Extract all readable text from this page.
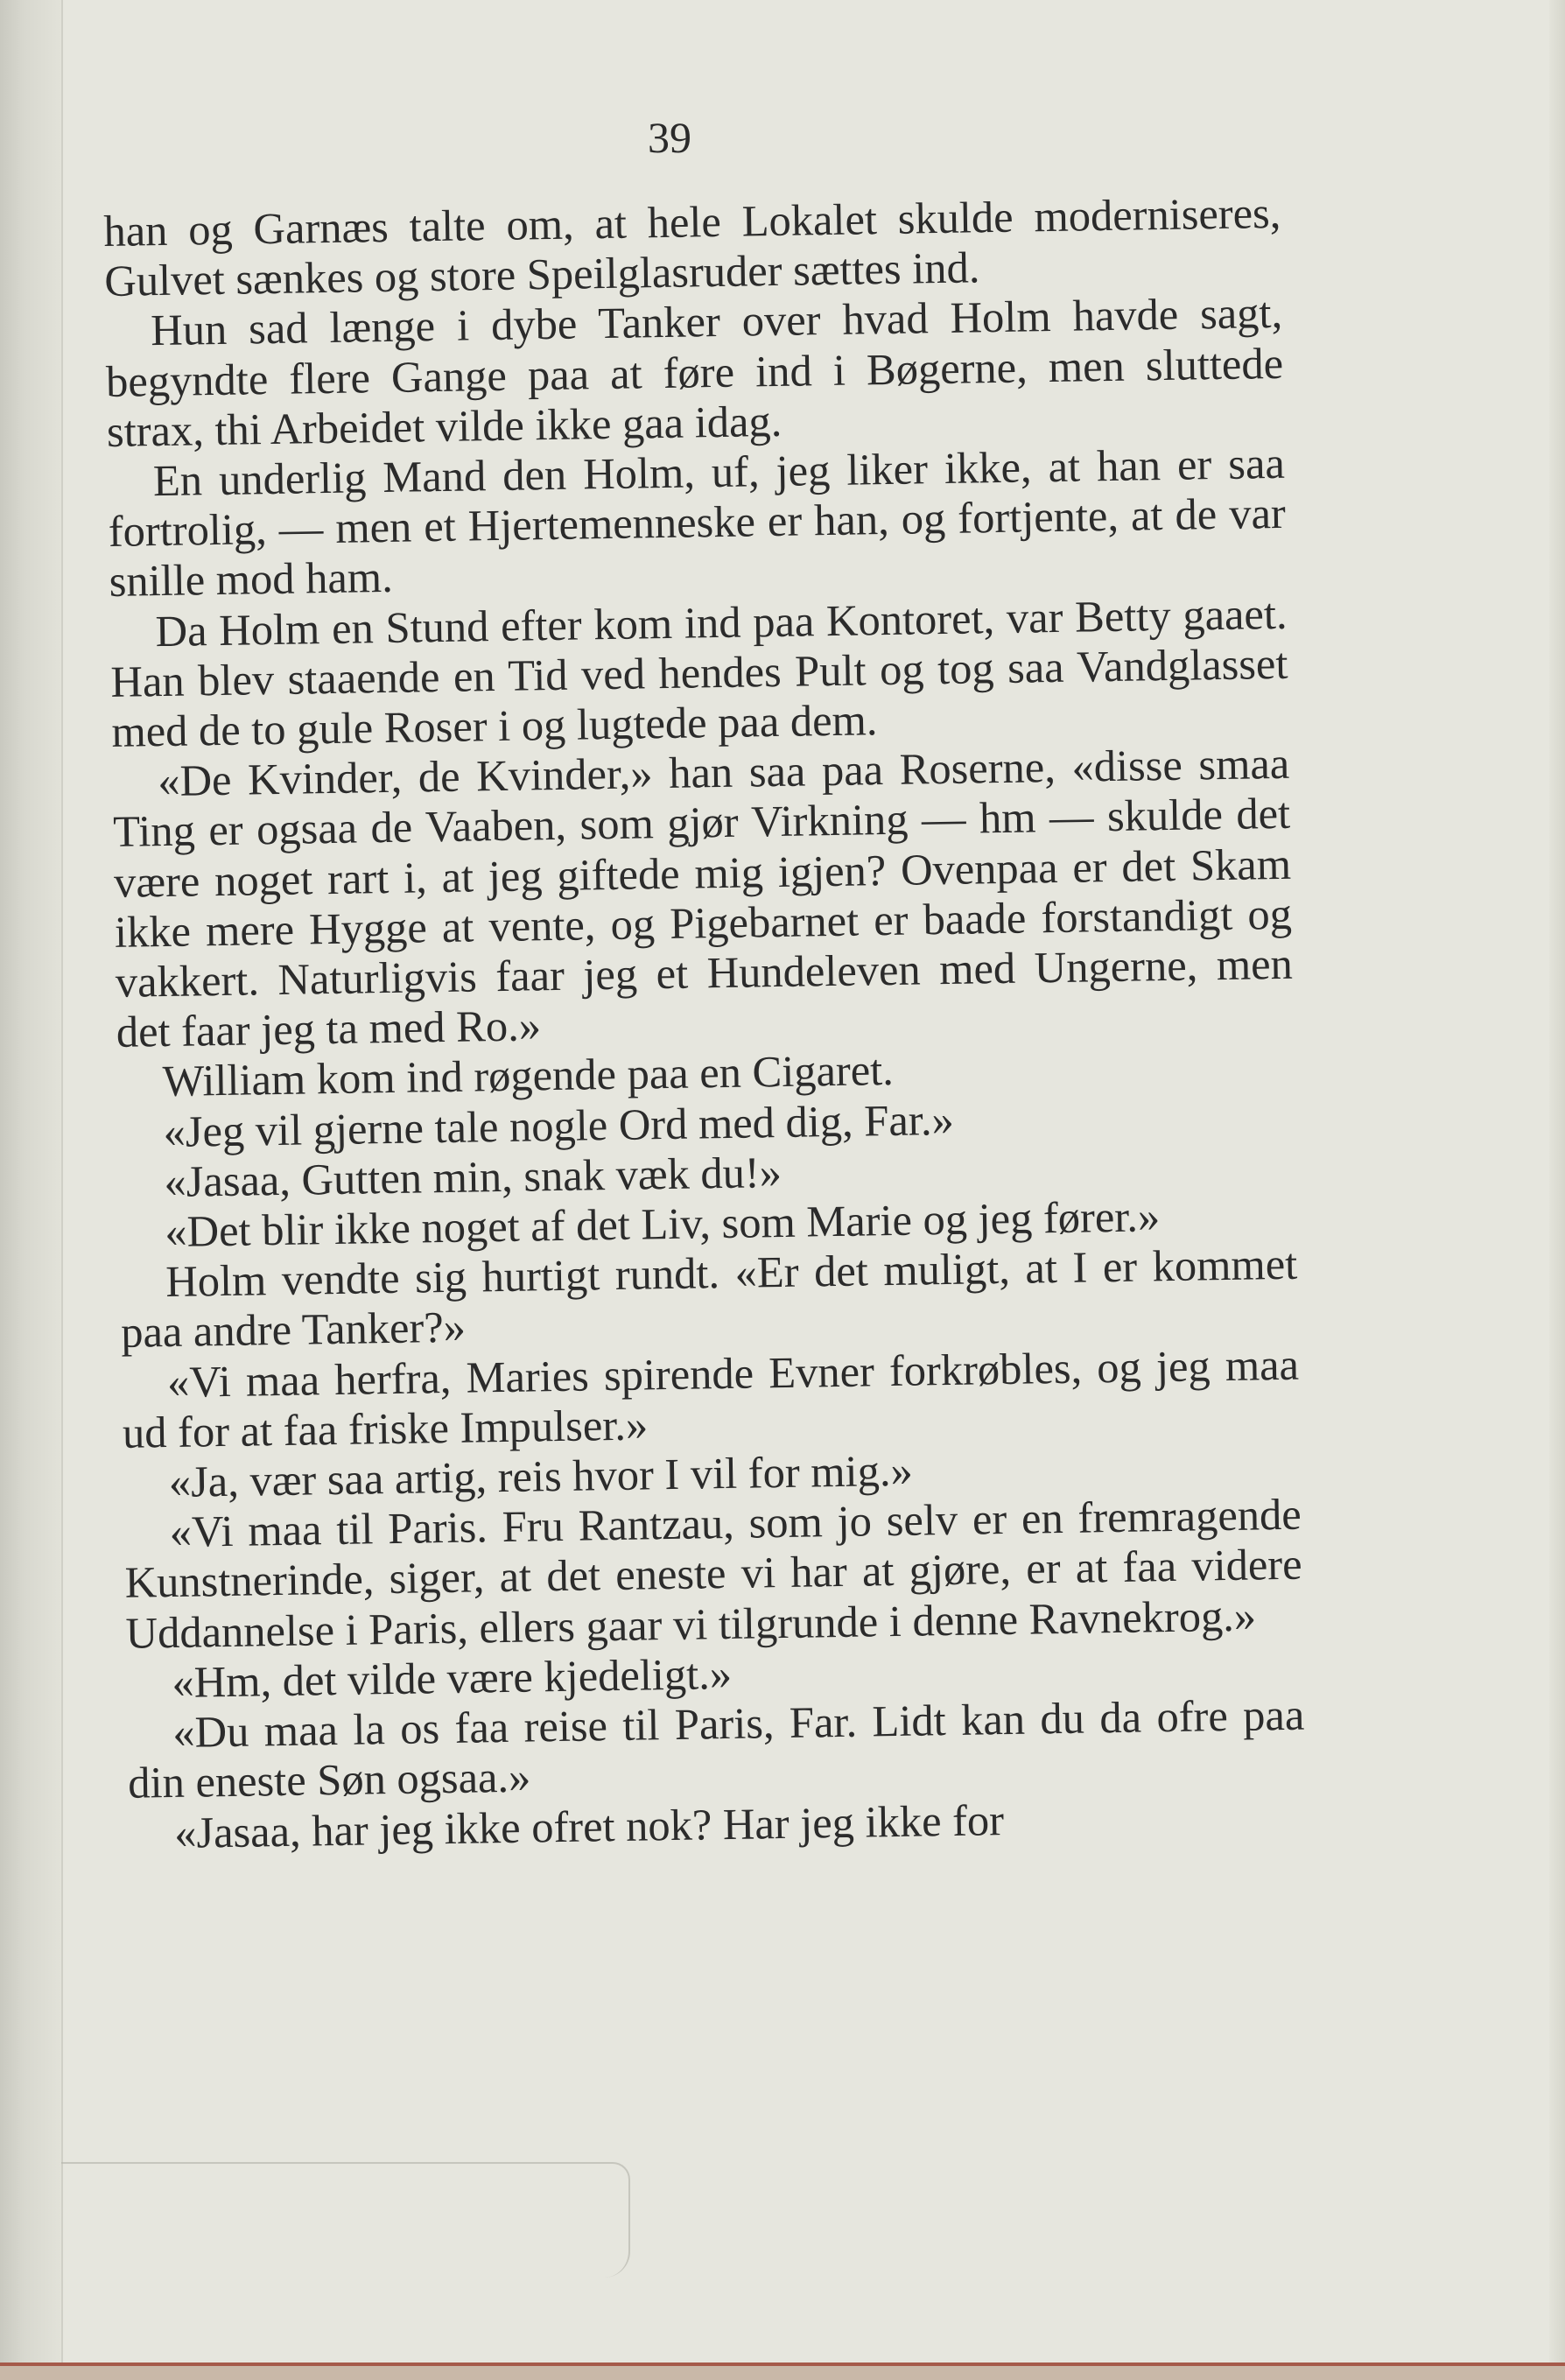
39

han og Garnæs talte om, at hele Lokalet skulde moderniseres, Gulvet sænkes og store Speilglasruder sættes ind.

Hun sad længe i dybe Tanker over hvad Holm havde sagt, begyndte flere Gange paa at føre ind i Bøgerne, men sluttede strax, thi Arbeidet vilde ikke gaa idag.

En underlig Mand den Holm, uf, jeg liker ikke, at han er saa fortrolig, — men et Hjertemenneske er han, og fortjente, at de var snille mod ham.

Da Holm en Stund efter kom ind paa Kontoret, var Betty gaaet. Han blev staaende en Tid ved hendes Pult og tog saa Vandglasset med de to gule Roser i og lugtede paa dem.

«De Kvinder, de Kvinder,» han saa paa Roserne, «disse smaa Ting er ogsaa de Vaaben, som gjør Virkning — hm — skulde det være noget rart i, at jeg giftede mig igjen? Ovenpaa er det Skam ikke mere Hygge at vente, og Pigebarnet er baade forstandigt og vakkert. Naturligvis faar jeg et Hundeleven med Ungerne, men det faar jeg ta med Ro.»

William kom ind røgende paa en Cigaret.

«Jeg vil gjerne tale nogle Ord med dig, Far.»

«Jasaa, Gutten min, snak væk du!»

«Det blir ikke noget af det Liv, som Marie og jeg fører.»

Holm vendte sig hurtigt rundt. «Er det muligt, at I er kommet paa andre Tanker?»

«Vi maa herfra, Maries spirende Evner forkrøbles, og jeg maa ud for at faa friske Impulser.»

«Ja, vær saa artig, reis hvor I vil for mig.»

«Vi maa til Paris. Fru Rantzau, som jo selv er en fremragende Kunstnerinde, siger, at det eneste vi har at gjøre, er at faa videre Uddannelse i Paris, ellers gaar vi tilgrunde i denne Ravnekrog.»

«Hm, det vilde være kjedeligt.»

«Du maa la os faa reise til Paris, Far. Lidt kan du da ofre paa din eneste Søn ogsaa.»

«Jasaa, har jeg ikke ofret nok? Har jeg ikke for
